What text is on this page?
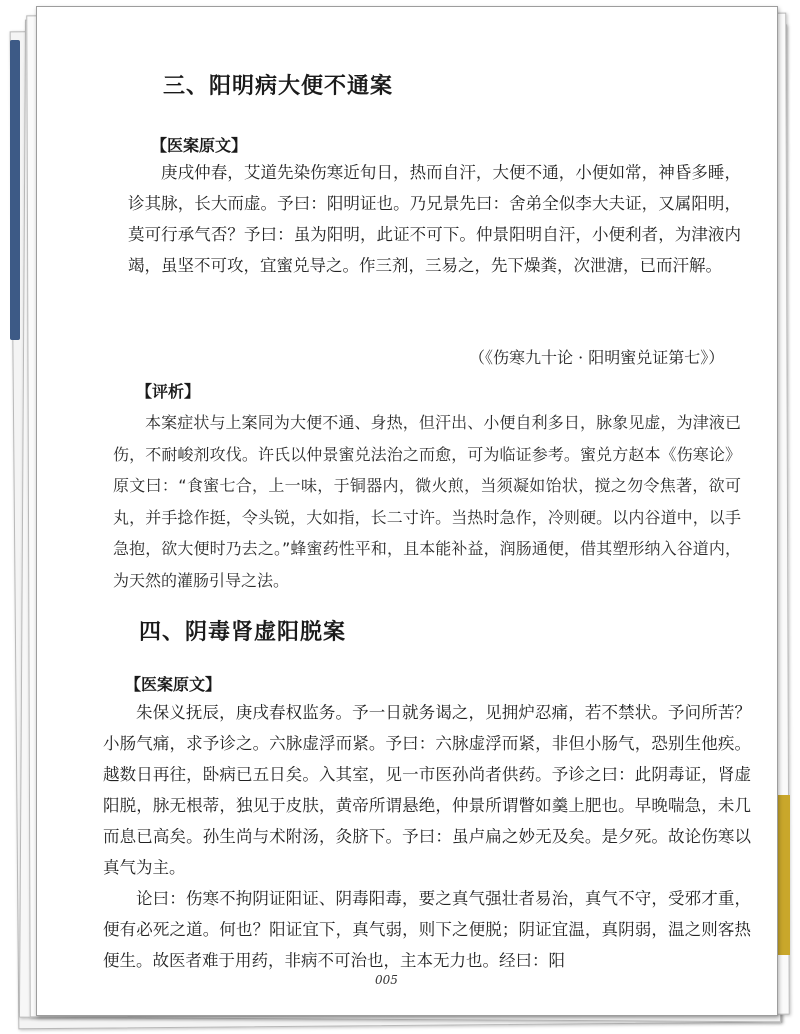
三、阳明病大便不通案
【医案原文】

庚戌仲春，艾道先染伤寒近旬日，热而自汗，大便不通，小便如常，神昏多睡，诊其脉，长大而虚。予曰：阳明证也。乃兄景先曰：舍弟全似李大夫证，又属阳明，莫可行承气否？予曰：虽为阳明，此证不可下。仲景阳明自汗，小便利者，为津液内竭，虽坚不可攻，宜蜜兑导之。作三剂，三易之，先下燥粪，次泄溏，已而汗解。

（《伤寒九十论 · 阳明蜜兑证第七》）
【评析】

本案症状与上案同为大便不通、身热，但汗出、小便自利多日，脉象见虚，为津液已伤，不耐峻剂攻伐。许氏以仲景蜜兑法治之而愈，可为临证参考。蜜兑方赵本《伤寒论》原文曰：“食蜜七合，上一味，于铜器内，微火煎，当须凝如饴状，搅之勿令焦著，欲可丸，并手捻作挺，令头锐，大如指，长二寸许。当热时急作，冷则硬。以内谷道中，以手急抱，欲大便时乃去之。”蜂蜜药性平和，且本能补益，润肠通便，借其塑形纳入谷道内，为天然的灌肠引导之法。

四、阴毒肾虚阳脱案
【医案原文】

朱保义抚辰，庚戌春权监务。予一日就务谒之，见拥炉忍痛，若不禁状。予问所苦？小肠气痛，求予诊之。六脉虚浮而紧。予曰：六脉虚浮而紧，非但小肠气，恐别生他疾。越数日再往，卧病已五日矣。入其室，见一市医孙尚者供药。予诊之曰：此阴毒证，肾虚阳脱，脉无根蒂，独见于皮肤，黄帝所谓悬绝，仲景所谓瞥如羹上肥也。早晚喘急，未几而息已高矣。孙生尚与术附汤，灸脐下。予曰：虽卢扁之妙无及矣。是夕死。故论伤寒以真气为主。

论曰：伤寒不拘阴证阳证、阴毒阳毒，要之真气强壮者易治，真气不守，受邪才重，便有必死之道。何也？阳证宜下，真气弱，则下之便脱；阴证宜温，真阴弱，温之则客热便生。故医者难于用药，非病不可治也，主本无力也。经曰：阳

005
